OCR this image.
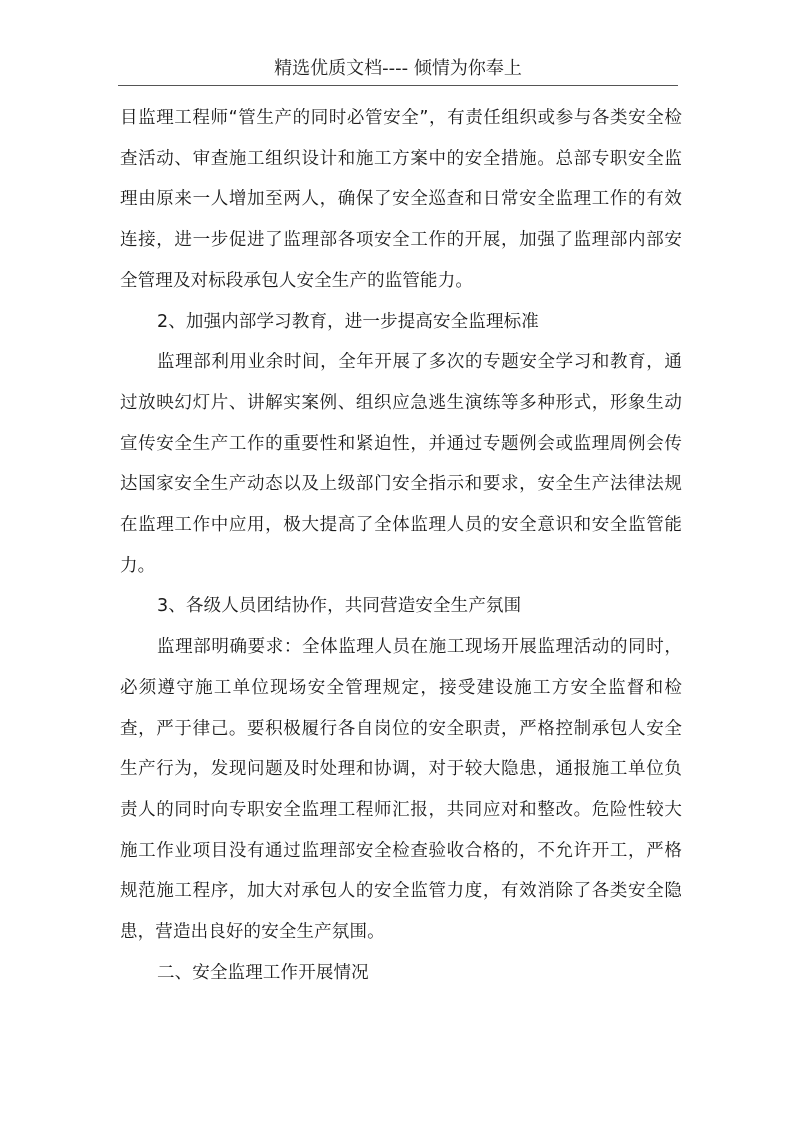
精选优质文档---- 倾情为你奉上

目监理工程师“管生产的同时必管安全”，有责任组织或参与各类安全检查活动、审查施工组织设计和施工方案中的安全措施。总部专职安全监理由原来一人增加至两人，确保了安全巡查和日常安全监理工作的有效连接，进一步促进了监理部各项安全工作的开展，加强了监理部内部安全管理及对标段承包人安全生产的监管能力。

2、加强内部学习教育，进一步提高安全监理标准

监理部利用业余时间，全年开展了多次的专题安全学习和教育，通过放映幻灯片、讲解实案例、组织应急逃生演练等多种形式，形象生动宣传安全生产工作的重要性和紧迫性，并通过专题例会或监理周例会传达国家安全生产动态以及上级部门安全指示和要求，安全生产法律法规在监理工作中应用，极大提高了全体监理人员的安全意识和安全监管能力。

3、各级人员团结协作，共同营造安全生产氛围

监理部明确要求：全体监理人员在施工现场开展监理活动的同时，必须遵守施工单位现场安全管理规定，接受建设施工方安全监督和检查，严于律己。要积极履行各自岗位的安全职责，严格控制承包人安全生产行为，发现问题及时处理和协调，对于较大隐患，通报施工单位负责人的同时向专职安全监理工程师汇报，共同应对和整改。危险性较大施工作业项目没有通过监理部安全检查验收合格的，不允许开工，严格规范施工程序，加大对承包人的安全监管力度，有效消除了各类安全隐患，营造出良好的安全生产氛围。

二、安全监理工作开展情况
